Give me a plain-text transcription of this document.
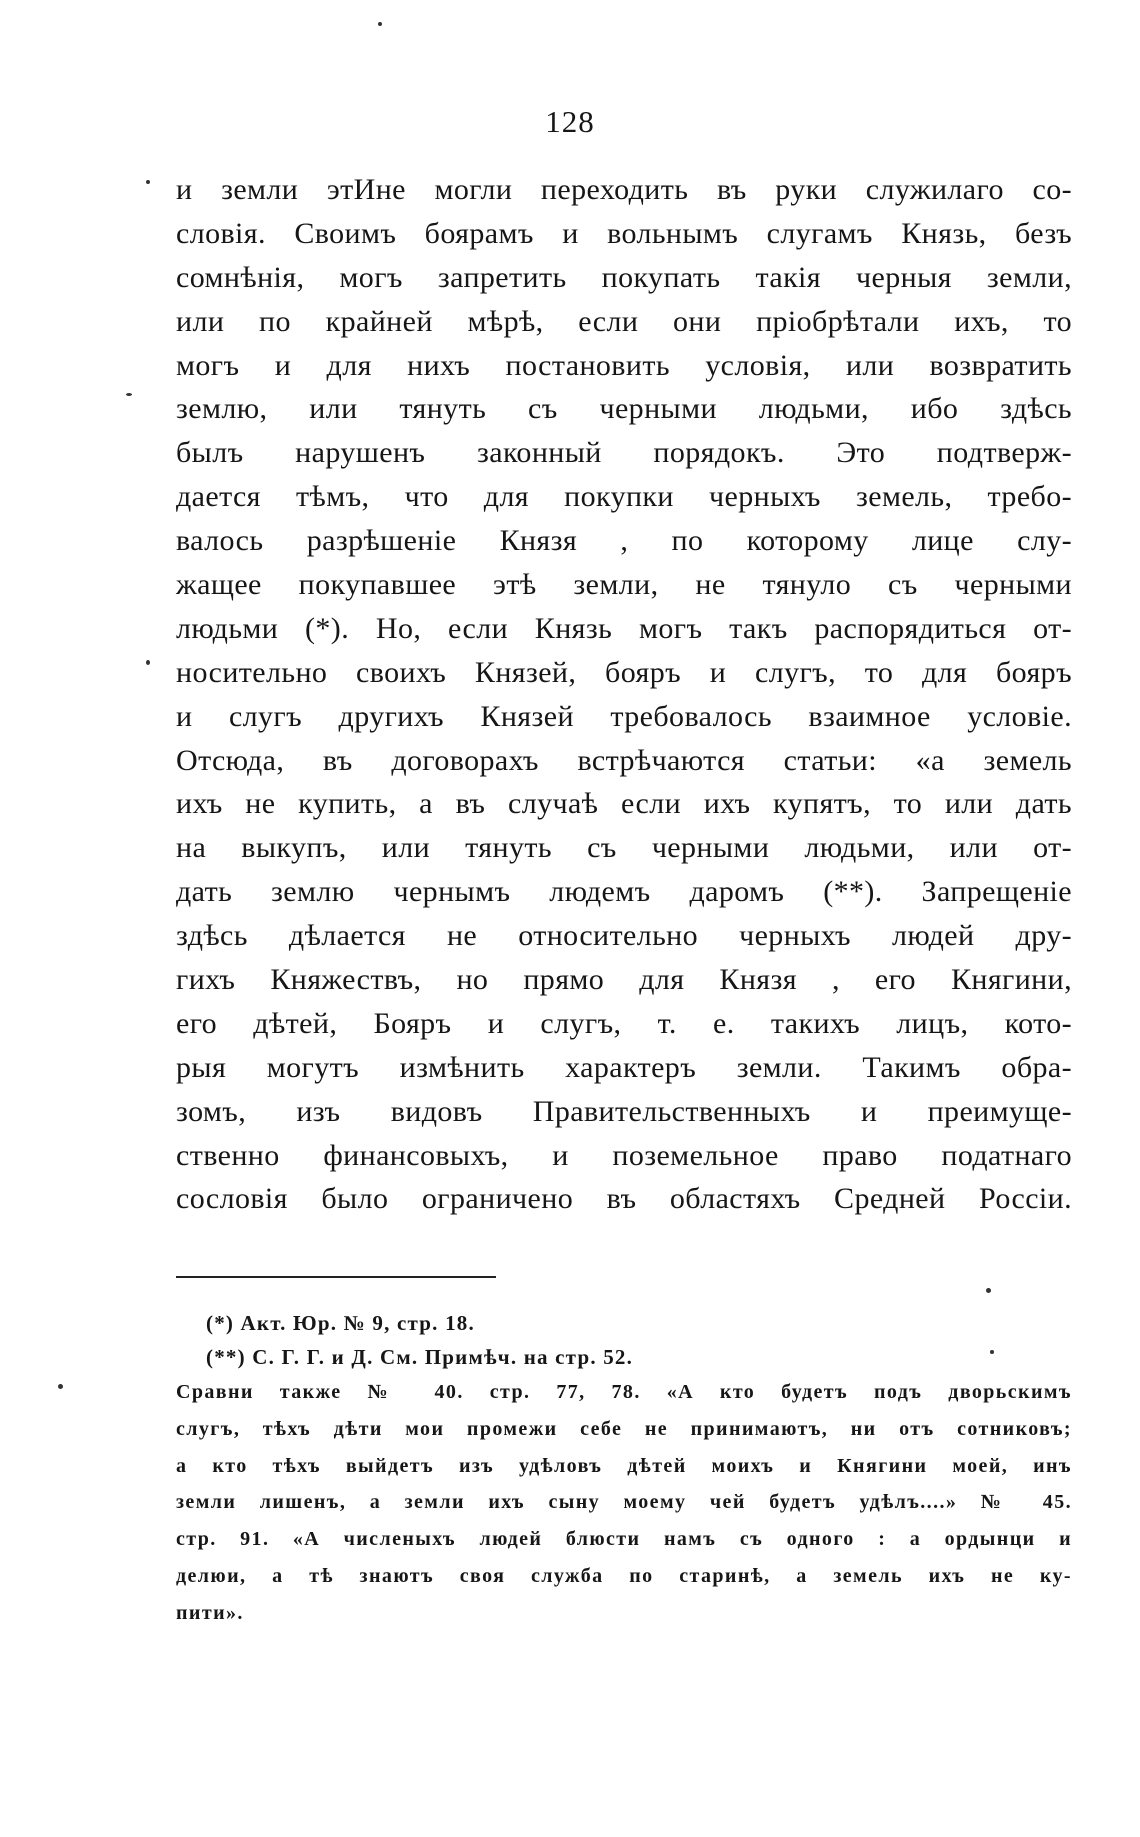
128
и земли этИне могли переходить въ руки служилаго со-
словія. Своимъ боярамъ и вольнымъ слугамъ Князь, безъ
сомнѣнія, могъ запретить покупать такія черныя земли,
или по крайней мѣрѣ, если они пріобрѣтали ихъ, то
могъ и для нихъ постановить условія, или возвратить
землю, или тянуть съ черными людьми, ибо здѣсь
былъ нарушенъ законный порядокъ. Это подтверж-
дается тѣмъ, что для покупки черныхъ земель, требо-
валось разрѣшеніе Князя , по которому лице слу-
жащее покупавшее этѣ земли, не тянуло съ черными
людьми (*). Но, если Князь могъ такъ распорядиться от-
носительно своихъ Князей, бояръ и слугъ, то для бояръ
и слугъ другихъ Князей требовалось взаимное условіе.
Отсюда, въ договорахъ встрѣчаются статьи: «а земель
ихъ не купить, а въ случаѣ если ихъ купятъ, то или дать
на выкупъ, или тянуть съ черными людьми, или от-
дать землю чернымъ людемъ даромъ (**). Запрещеніе
здѣсь дѣлается не относительно черныхъ людей дру-
гихъ Княжествъ, но прямо для Князя , его Княгини,
его дѣтей, Бояръ и слугъ, т. е. такихъ лицъ, кото-
рыя могутъ измѣнить характеръ земли. Такимъ обра-
зомъ, изъ видовъ Правительственныхъ и преимуще-
ственно финансовыхъ, и поземельное право податнаго
сословія было ограничено въ областяхъ Средней Россіи.
(*) Акт. Юр. № 9, стр. 18.
(**) С. Г. Г. и Д. См. Примѣч. на стр. 52.
Сравни также № 40. стр. 77, 78. «А кто будетъ подъ дворьскимъ
слугъ, тѣхъ дѣти мои промежи себе не принимаютъ, ни отъ сотниковъ;
а кто тѣхъ выйдетъ изъ удѣловъ дѣтей моихъ и Княгини моей, инъ
земли лишенъ, а земли ихъ сыну моему чей будетъ удѣлъ....» № 45.
стр. 91. «А численыхъ людей блюсти намъ съ одного : а ордынци и
делюи, а тѣ знаютъ своя служба по старинѣ, а земель ихъ не ку-
пити».
